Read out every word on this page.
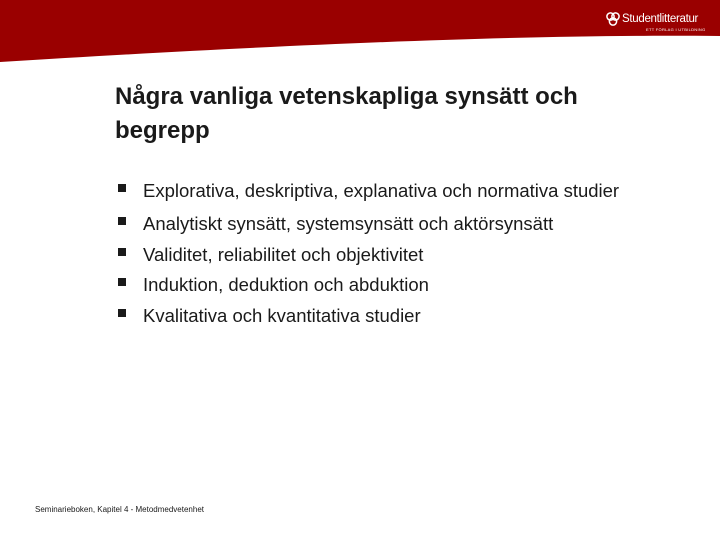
Studentlitteratur
ETT FÖRLAG I UTBILDNING
Några vanliga vetenskapliga synsätt och begrepp
Explorativa, deskriptiva, explanativa och normativa studier
Analytiskt synsätt, systemsynsätt och aktörsynsätt
Validitet, reliabilitet och objektivitet
Induktion, deduktion och abduktion
Kvalitativa och kvantitativa studier
Seminarieboken, Kapitel 4 - Metodmedvetenhet
